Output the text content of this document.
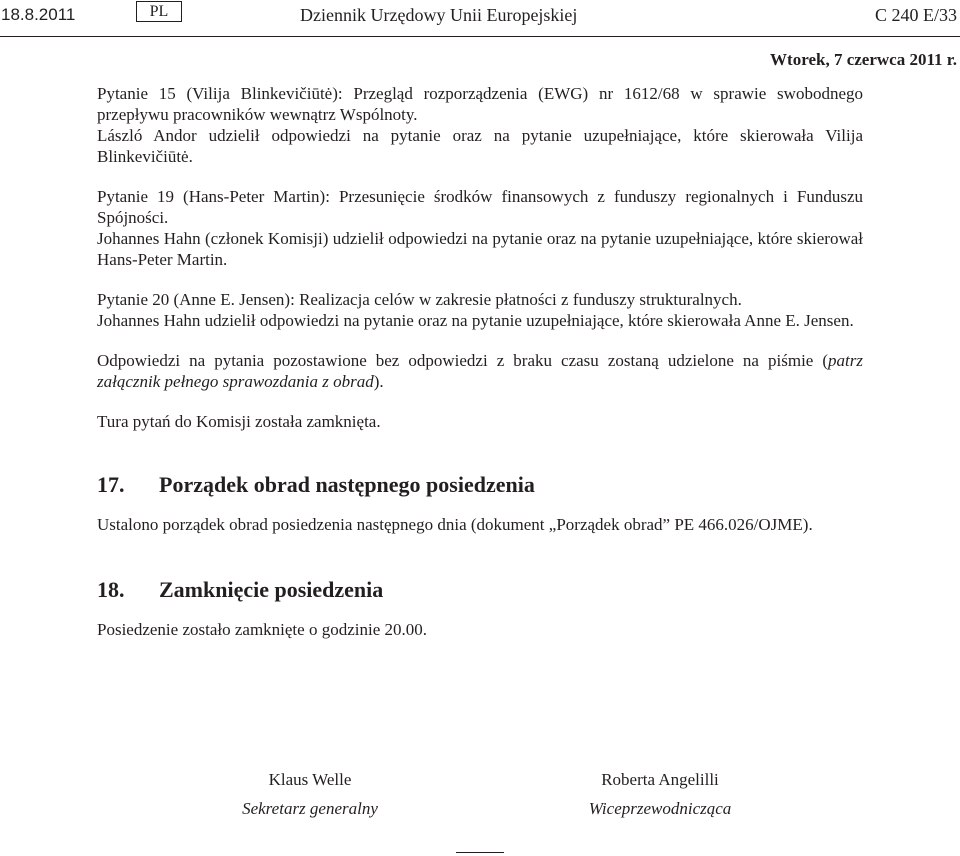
18.8.2011	PL	Dziennik Urzędowy Unii Europejskiej	C 240 E/33
Wtorek, 7 czerwca 2011 r.

Pytanie 15 (Vilija Blinkevičiūtė): Przegląd rozporządzenia (EWG) nr 1612/68 w sprawie swobodnego przepływu pracowników wewnątrz Wspólnoty.

László Andor udzielił odpowiedzi na pytanie oraz na pytanie uzupełniające, które skierowała Vilija Blinkevičiūtė.

Pytanie 19 (Hans-Peter Martin): Przesunięcie środków finansowych z funduszy regionalnych i Funduszu Spójności.

Johannes Hahn (członek Komisji) udzielił odpowiedzi na pytanie oraz na pytanie uzupełniające, które skierował Hans-Peter Martin.

Pytanie 20 (Anne E. Jensen): Realizacja celów w zakresie płatności z funduszy strukturalnych.

Johannes Hahn udzielił odpowiedzi na pytanie oraz na pytanie uzupełniające, które skierowała Anne E. Jensen.

Odpowiedzi na pytania pozostawione bez odpowiedzi z braku czasu zostaną udzielone na piśmie (patrz załącznik pełnego sprawozdania z obrad).

Tura pytań do Komisji została zamknięta.

17. Porządek obrad następnego posiedzenia

Ustalono porządek obrad posiedzenia następnego dnia (dokument „Porządek obrad” PE 466.026/OJME).

18. Zamknięcie posiedzenia

Posiedzenie zostało zamknięte o godzinie 20.00.

Klaus Welle
Sekretarz generalny
Roberta Angelilli
Wiceprzewodnicząca
